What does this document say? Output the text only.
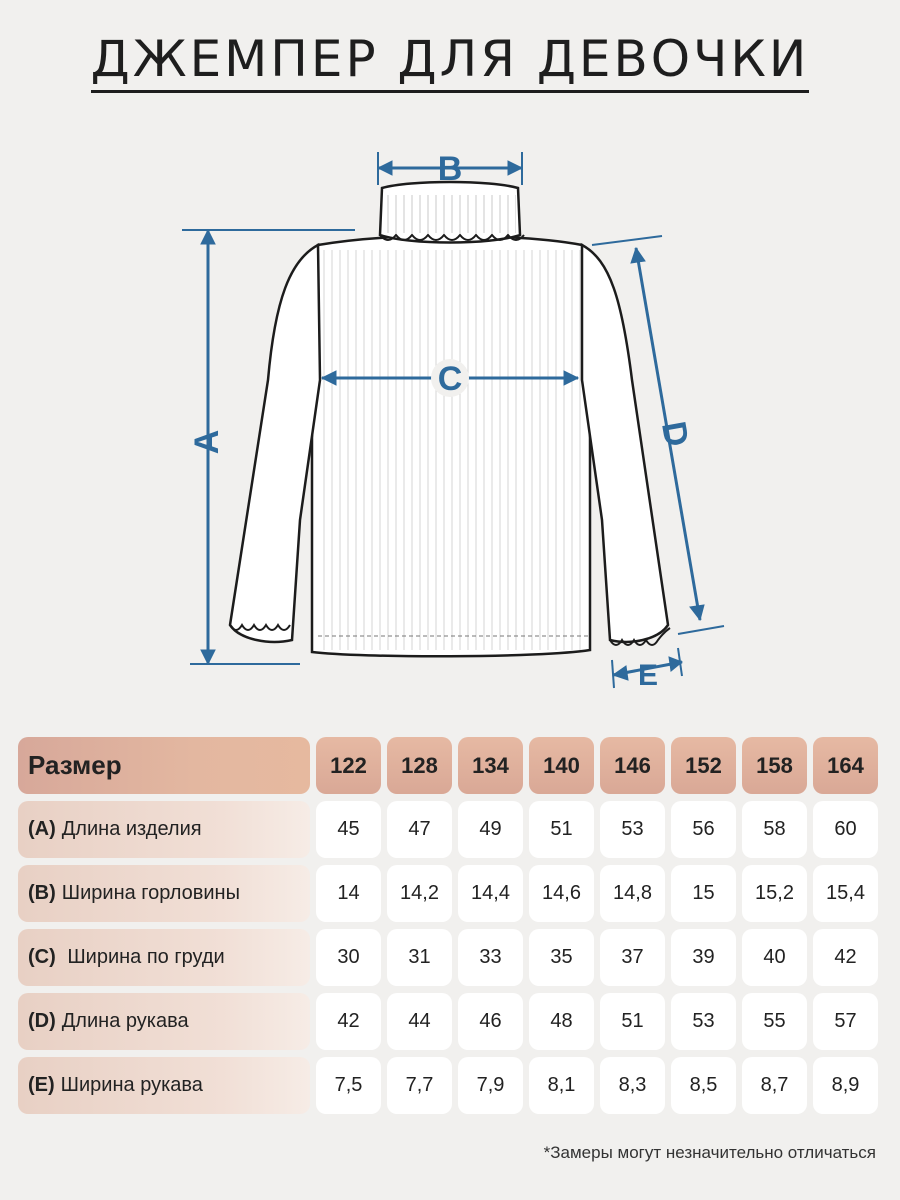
ДЖЕМПЕР ДЛЯ ДЕВОЧКИ
B
C
A	D
E
Размер	122	128	134	140	146	152	158	164
(A) Длина изделия	45	47	49	51	53	56	58	60
(B) Ширина горловины	14	14,2	14,4	14,6	14,8	15	15,2	15,4
(C) Ширина по груди	30	31	33	35	37	39	40	42
(D) Длина рукава	42	44	46	48	51	53	55	57
(E) Ширина рукава	7,5	7,7	7,9	8,1	8,3	8,5	8,7	8,9
*Замеры могут незначительно отличаться
